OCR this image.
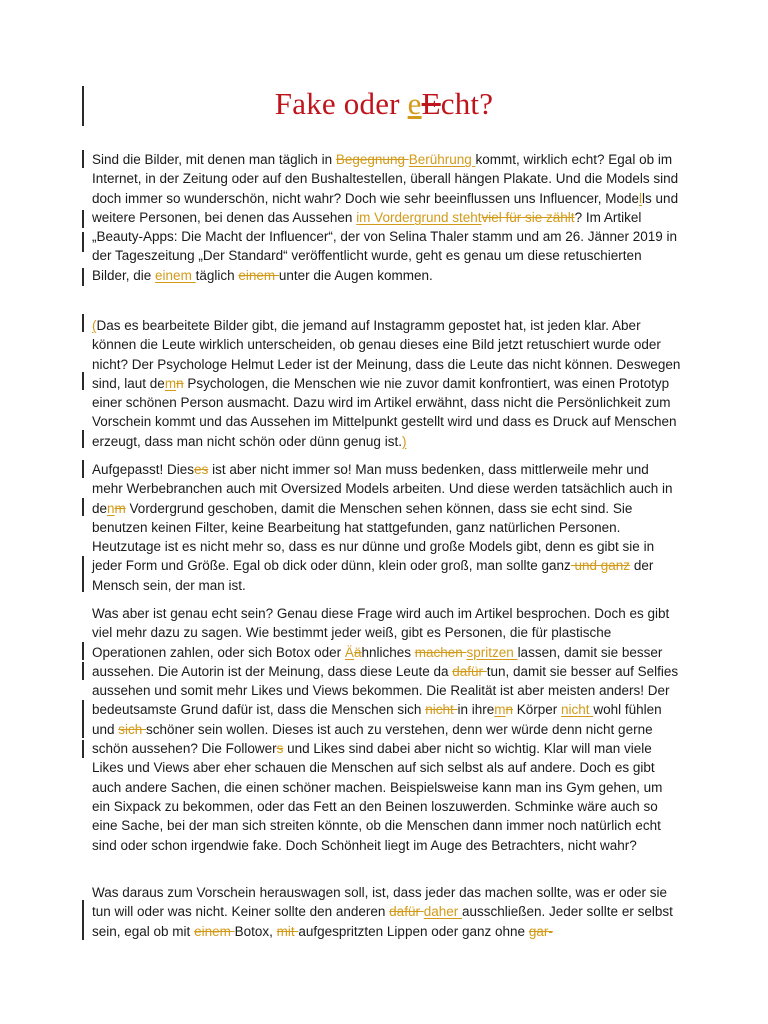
Fake oder eEcht?

Sind die Bilder, mit denen man täglich in Begegnung Berührung kommt, wirklich echt? Egal ob im Internet, in der Zeitung oder auf den Bushaltestellen, überall hängen Plakate. Und die Models sind doch immer so wunderschön, nicht wahr? Doch wie sehr beeinflussen uns Influencer, Modells und weitere Personen, bei denen das Aussehen im Vordergrund stehtviel für sie zählt? Im Artikel „Beauty-Apps: Die Macht der Influencer“, der von Selina Thaler stamm und am 26. Jänner 2019 in der Tageszeitung „Der Standard“ veröffentlicht wurde, geht es genau um diese retuschierten Bilder, die einem täglich einem unter die Augen kommen.

(Das es bearbeitete Bilder gibt, die jemand auf Instagramm gepostet hat, ist jeden klar. Aber können die Leute wirklich unterscheiden, ob genau dieses eine Bild jetzt retuschiert wurde oder nicht? Der Psychologe Helmut Leder ist der Meinung, dass die Leute das nicht können. Deswegen sind, laut demn Psychologen, die Menschen wie nie zuvor damit konfrontiert, was einen Prototyp einer schönen Person ausmacht. Dazu wird im Artikel erwähnt, dass nicht die Persönlichkeit zum Vorschein kommt und das Aussehen im Mittelpunkt gestellt wird und dass es Druck auf Menschen erzeugt, dass man nicht schön oder dünn genug ist.)

Aufgepasst! Dieses ist aber nicht immer so! Man muss bedenken, dass mittlerweile mehr und mehr Werbebranchen auch mit Oversized Models arbeiten. Und diese werden tatsächlich auch in denm Vordergrund geschoben, damit die Menschen sehen können, dass sie echt sind. Sie benutzen keinen Filter, keine Bearbeitung hat stattgefunden, ganz natürlichen Personen. Heutzutage ist es nicht mehr so, dass es nur dünne und große Models gibt, denn es gibt sie in jeder Form und Größe. Egal ob dick oder dünn, klein oder groß, man sollte ganz und ganz der Mensch sein, der man ist.

Was aber ist genau echt sein? Genau diese Frage wird auch im Artikel besprochen. Doch es gibt viel mehr dazu zu sagen. Wie bestimmt jeder weiß, gibt es Personen, die für plastische Operationen zahlen, oder sich Botox oder Äähnliches machen spritzen lassen, damit sie besser aussehen. Die Autorin ist der Meinung, dass diese Leute da dafür tun, damit sie besser auf Selfies aussehen und somit mehr Likes und Views bekommen. Die Realität ist aber meisten anders! Der bedeutsamste Grund dafür ist, dass die Menschen sich nicht in ihremn Körper nicht wohl fühlen und sich schöner sein wollen. Dieses ist auch zu verstehen, denn wer würde denn nicht gerne schön aussehen? Die Followers und Likes sind dabei aber nicht so wichtig. Klar will man viele Likes und Views aber eher schauen die Menschen auf sich selbst als auf andere. Doch es gibt auch andere Sachen, die einen schöner machen. Beispielsweise kann man ins Gym gehen, um ein Sixpack zu bekommen, oder das Fett an den Beinen loszuwerden. Schminke wäre auch so eine Sache, bei der man sich streiten könnte, ob die Menschen dann immer noch natürlich echt sind oder schon irgendwie fake. Doch Schönheit liegt im Auge des Betrachters, nicht wahr?

Was daraus zum Vorschein herauswagen soll, ist, dass jeder das machen sollte, was er oder sie tun will oder was nicht. Keiner sollte den anderen dafür daher ausschließen. Jeder sollte er selbst sein, egal ob mit einem Botox, mit aufgespritzten Lippen oder ganz ohne gar-
